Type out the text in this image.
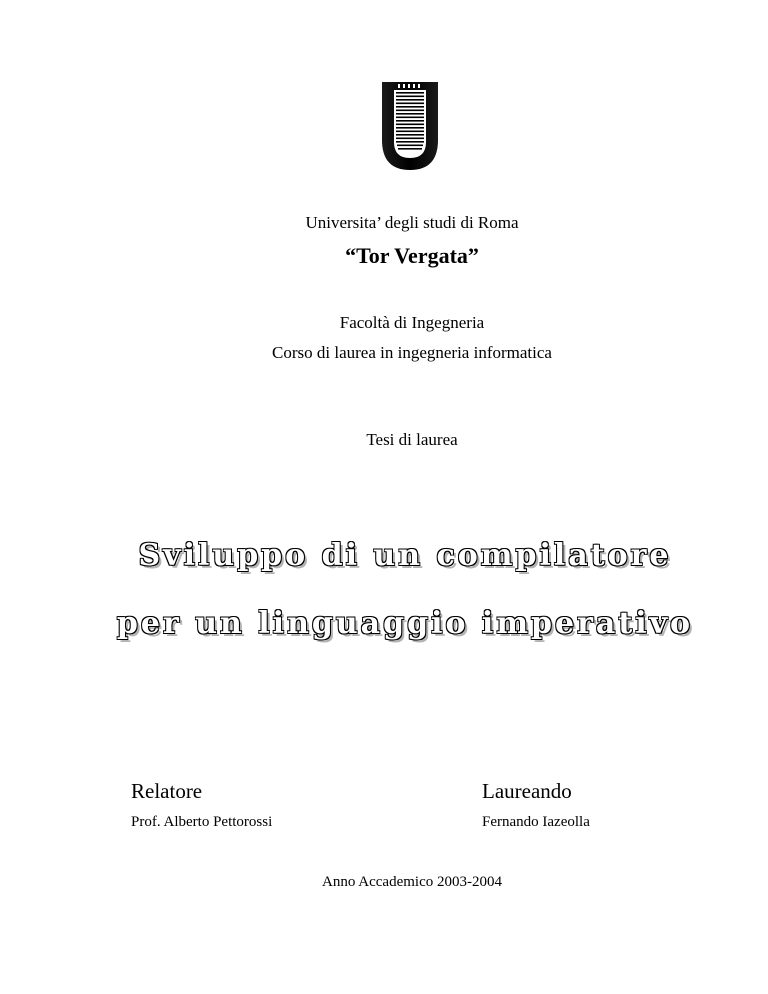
Universita’ degli studi di Roma
“Tor Vergata”
Facoltà di Ingegneria
Corso di laurea in ingegneria informatica
Tesi di laurea
Sviluppo di un compilatore
per un linguaggio imperativo
Relatore	Laureando
Prof. Alberto Pettorossi	Fernando Iazeolla
Anno Accademico 2003-2004
